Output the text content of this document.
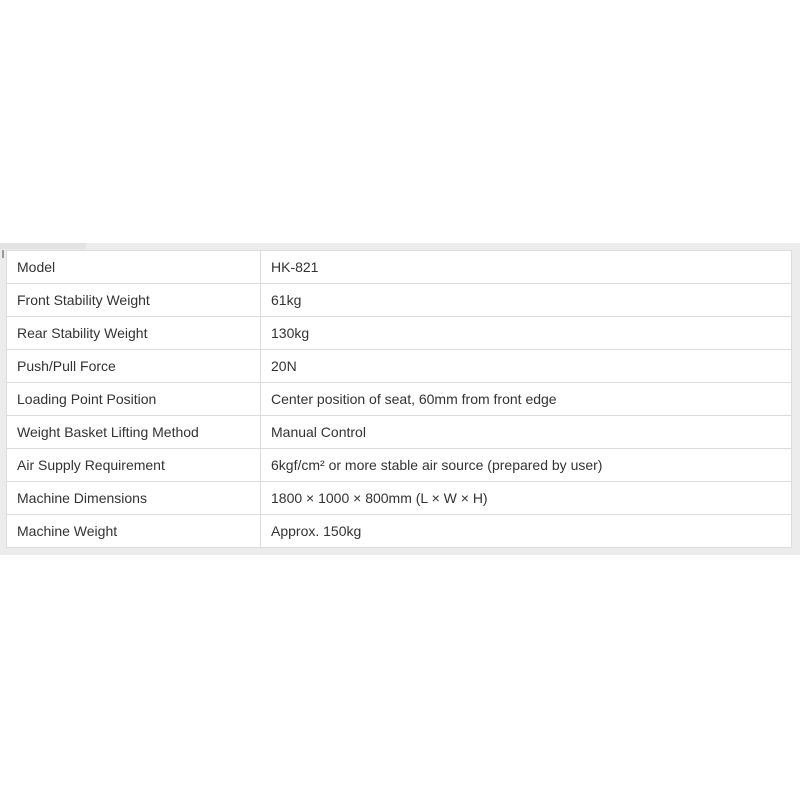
Model	HK-821
Front Stability Weight	61kg
Rear Stability Weight	130kg
Push/Pull Force	20N
Loading Point Position	Center position of seat, 60mm from front edge
Weight Basket Lifting Method	Manual Control
Air Supply Requirement	6kgf/cm² or more stable air source (prepared by user)
Machine Dimensions	1800 × 1000 × 800mm (L × W × H)
Machine Weight	Approx. 150kg
